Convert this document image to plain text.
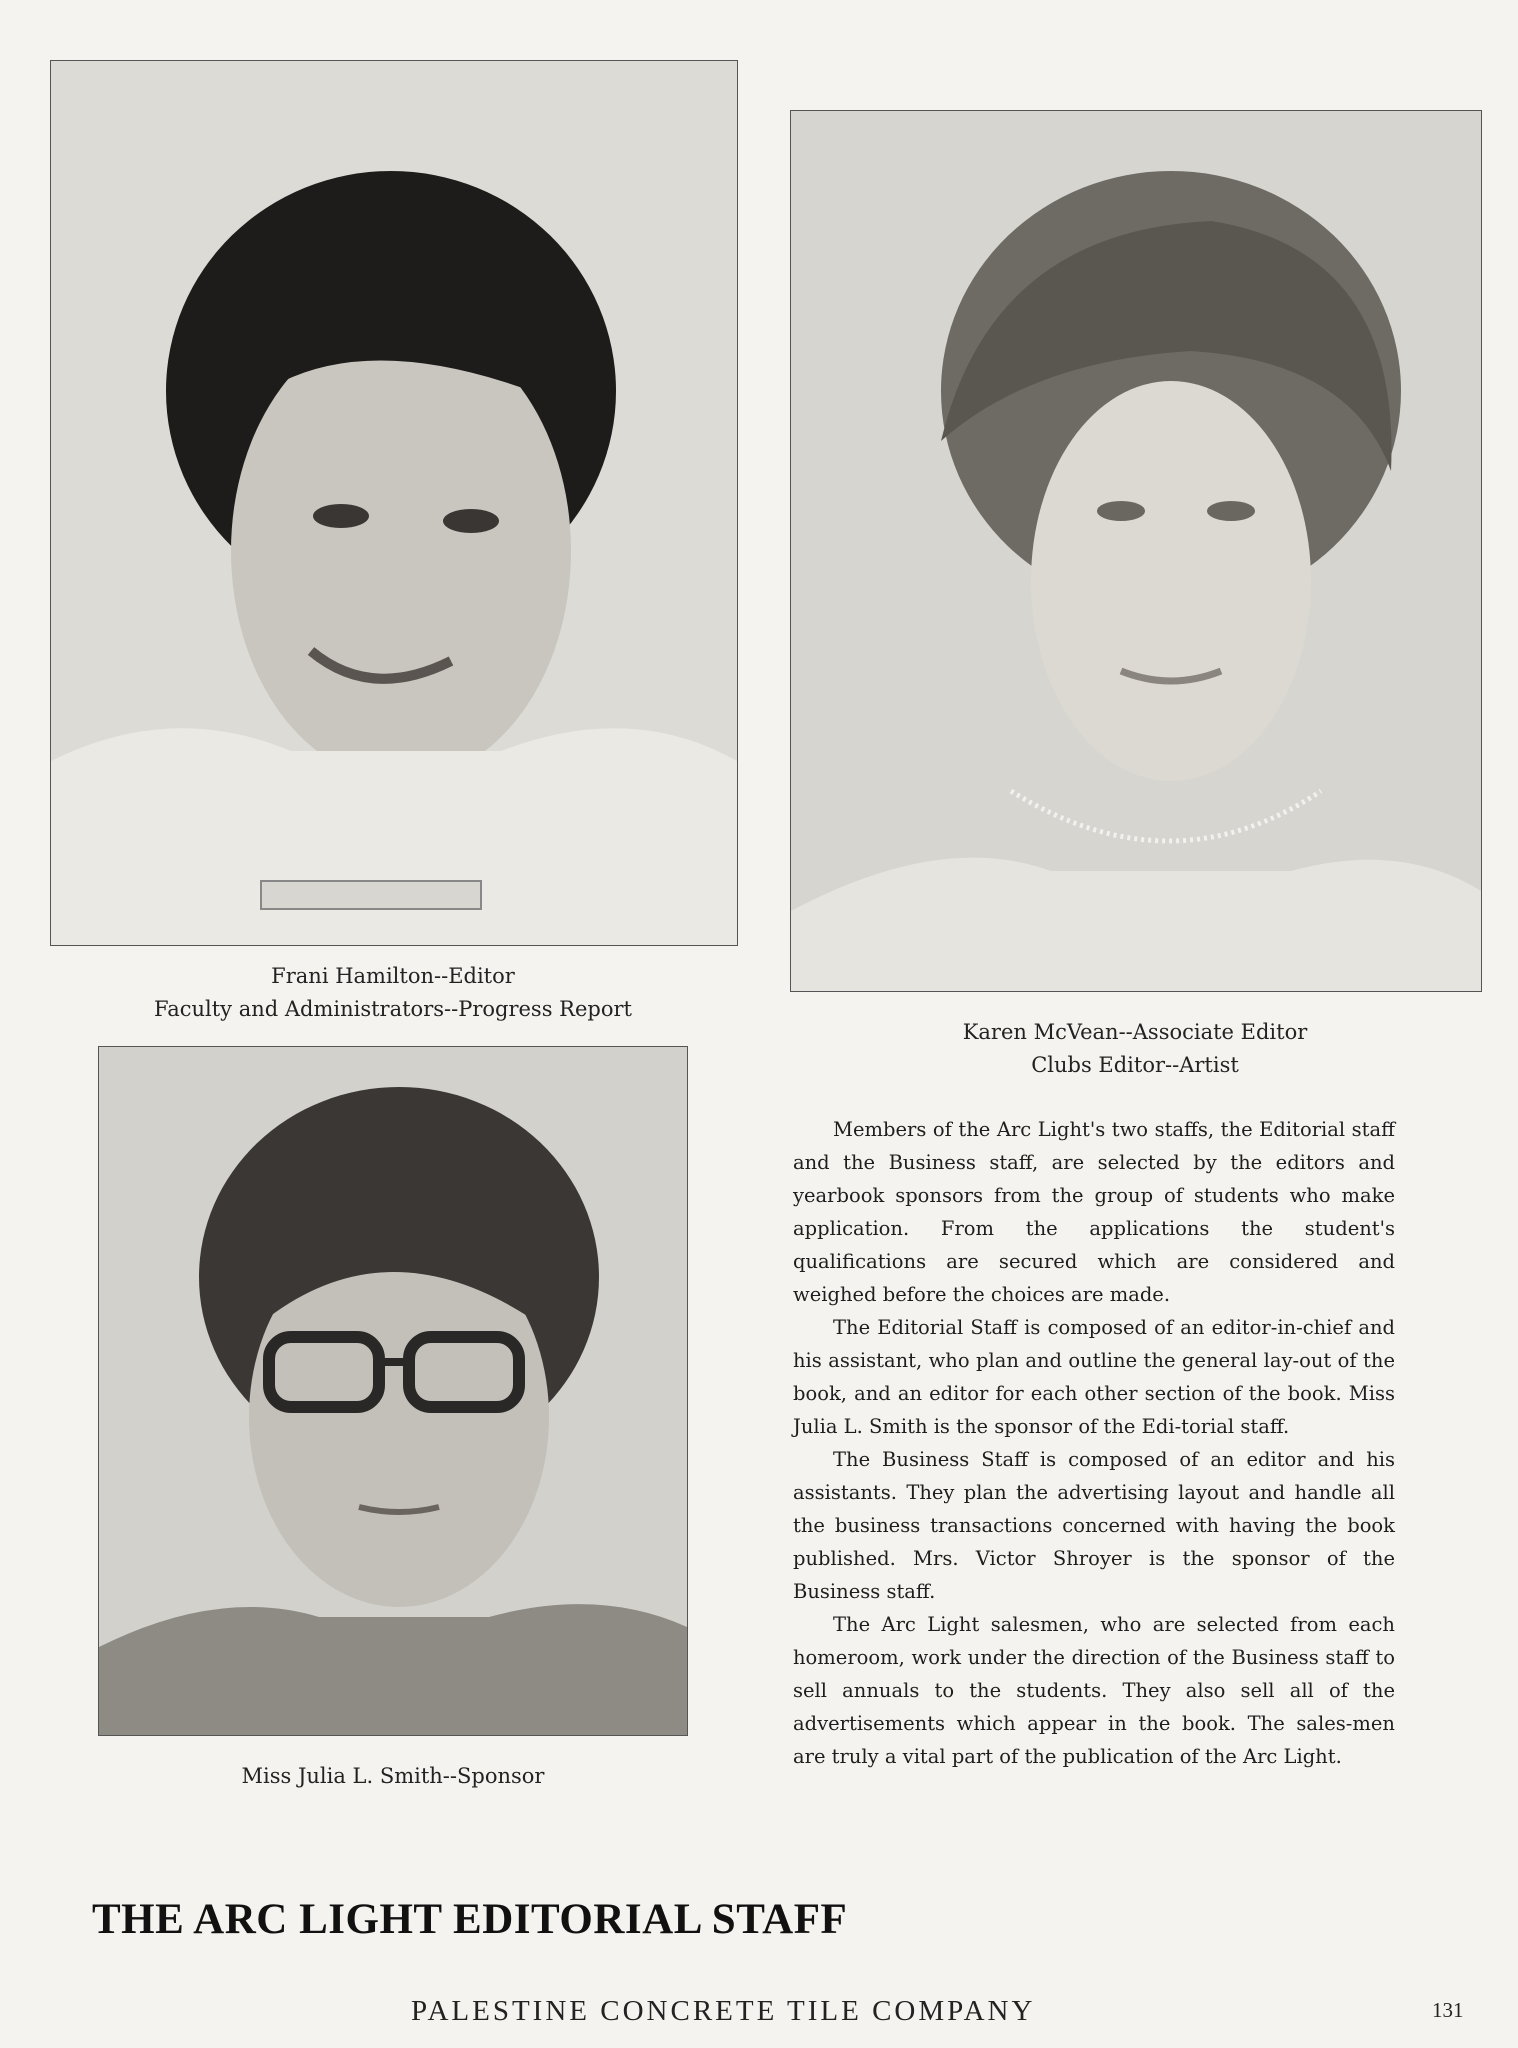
Frani Hamilton--Editor
Faculty and Administrators--Progress Report
Karen McVean--Associate Editor
Clubs Editor--Artist
Miss Julia L. Smith--Sponsor

Members of the Arc Light's two staffs, the Editorial staff and the Business staff, are selected by the editors and yearbook sponsors from the group of students who make application. From the applications the student's qualifications are secured which are considered and weighed before the choices are made.

The Editorial Staff is composed of an editor-in-chief and his assistant, who plan and outline the general lay-out of the book, and an editor for each other section of the book. Miss Julia L. Smith is the sponsor of the Edi-torial staff.

The Business Staff is composed of an editor and his assistants. They plan the advertising layout and handle all the business transactions concerned with having the book published. Mrs. Victor Shroyer is the sponsor of the Business staff.

The Arc Light salesmen, who are selected from each homeroom, work under the direction of the Business staff to sell annuals to the students. They also sell all of the advertisements which appear in the book. The sales-men are truly a vital part of the publication of the Arc Light.

THE ARC LIGHT EDITORIAL STAFF
PALESTINE CONCRETE TILE COMPANY	131
